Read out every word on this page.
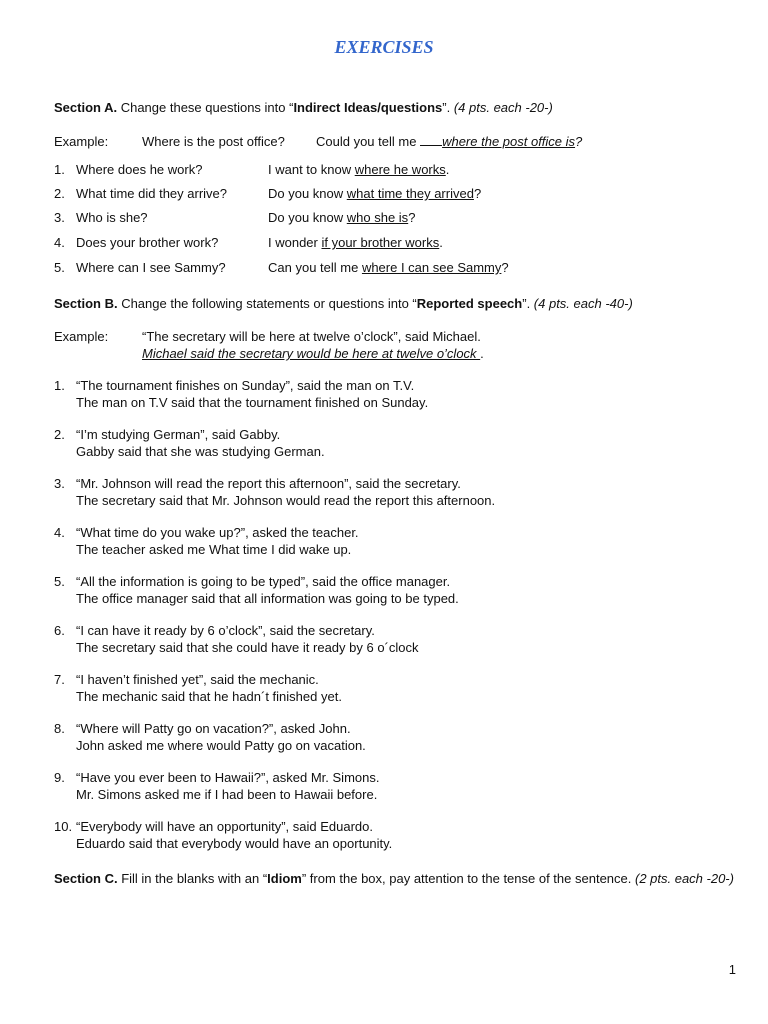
EXERCISES
Section A. Change these questions into “Indirect Ideas/questions”. (4 pts. each -20-)
Example:	Where is the post office? Could you tell me where the post office is?
1. Where does he work?	I want to know where he works.
2. What time did they arrive?	Do you know what time they arrived?
3. Who is she?	Do you know who she is?
4. Does your brother work?	I wonder if your brother works.
5. Where can I see Sammy?	Can you tell me where I can see Sammy?
Section B. Change the following statements or questions into “Reported speech”. (4 pts. each -40-)
Example:	“The secretary will be here at twelve o’clock”, said Michael.
Michael said the secretary would be here at twelve o’clock .
1. “The tournament finishes on Sunday”, said the man on T.V.
The man on T.V said that the tournament finished on Sunday.
2. “I’m studying German”, said Gabby.
Gabby said that she was studying German.
3. “Mr. Johnson will read the report this afternoon”, said the secretary.
The secretary said that Mr. Johnson would read the report this afternoon.
4. “What time do you wake up?”, asked the teacher.
The teacher asked me What time I did wake up.
5. “All the information is going to be typed”, said the office manager.
The office manager said that all information was going to be typed.
6. “I can have it ready by 6 o’clock”, said the secretary.
The secretary said that she could have it ready by 6 o´clock
7. “I haven’t finished yet”, said the mechanic.
The mechanic said that he hadn´t finished yet.
8. “Where will Patty go on vacation?”, asked John.
John asked me where would Patty go on vacation.
9. “Have you ever been to Hawaii?”, asked Mr. Simons.
Mr. Simons asked me if I had been to Hawaii before.
10. “Everybody will have an opportunity”, said Eduardo.
Eduardo said that everybody would have an oportunity.
Section C. Fill in the blanks with an “Idiom” from the box, pay attention to the tense of the sentence. (2 pts. each -20-)
1
